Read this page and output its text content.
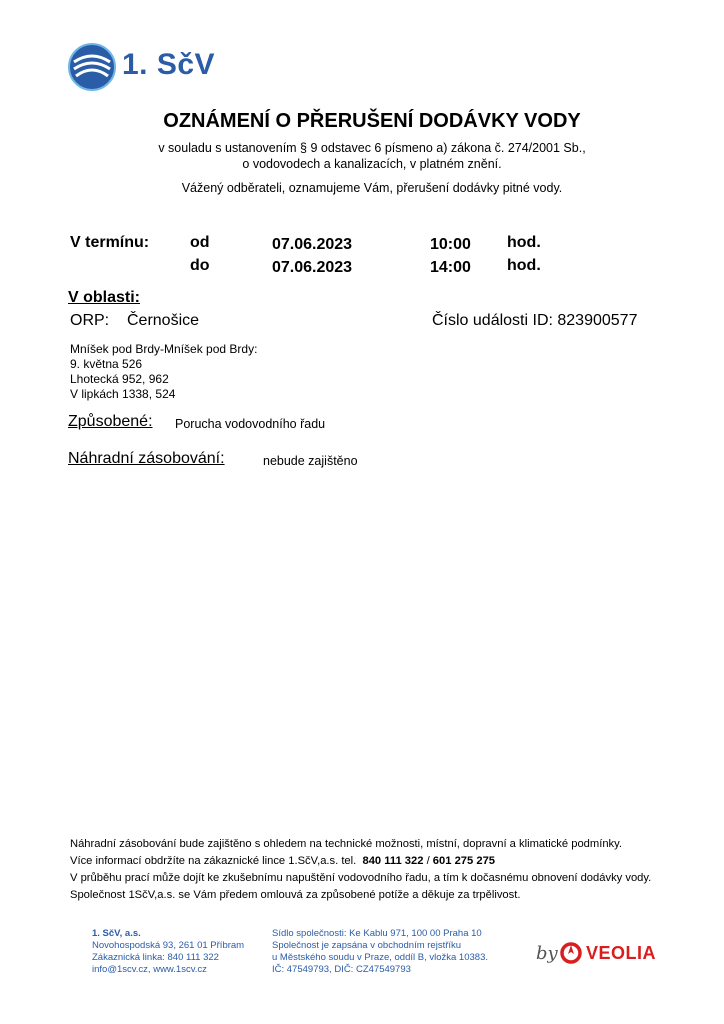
1. SčV
OZNÁMENÍ O PŘERUŠENÍ DODÁVKY VODY
v souladu s ustanovením § 9 odstavec 6 písmeno a) zákona č. 274/2001 Sb.,
o vodovodech a kanalizacích, v platném znění.
Vážený odběrateli, oznamujeme Vám, přerušení dodávky pitné vody.
V termínu:	od	07.06.2023	10:00 hod.
do	07.06.2023	14:00 hod.
V oblasti:
ORP: Černošice	Číslo události ID: 823900577
Mníšek pod Brdy-Mníšek pod Brdy:
9. května 526
Lhotecká 952, 962
V lipkách 1338, 524
Způsobené: Porucha vodovodního řadu
Náhradní zásobování:	nebude zajištěno
Náhradní zásobování bude zajištěno s ohledem na technické možnosti, místní, dopravní a klimatické podmínky.
Více informací obdržíte na zákaznické lince 1.SčV,a.s. tel. 840 111 322 / 601 275 275
V průběhu prací může dojít ke zkušebnímu napuštění vodovodního řadu, a tím k dočasnému obnovení dodávky vody.
Společnost 1SčV,a.s. se Vám předem omlouvá za způsobené potíže a děkuje za trpělivost.
1. SčV, a.s.
Novohospodská 93, 261 01 Příbram
Zákaznická linka: 840 111 322
info@1scv.cz, www.1scv.cz
Sídlo společnosti: Ke Kablu 971, 100 00 Praha 10
Společnost je zapsána v obchodním rejstříku
u Městského soudu v Praze, oddíl B, vložka 10383.
IČ: 47549793, DIČ: CZ47549793
by VEOLIA
